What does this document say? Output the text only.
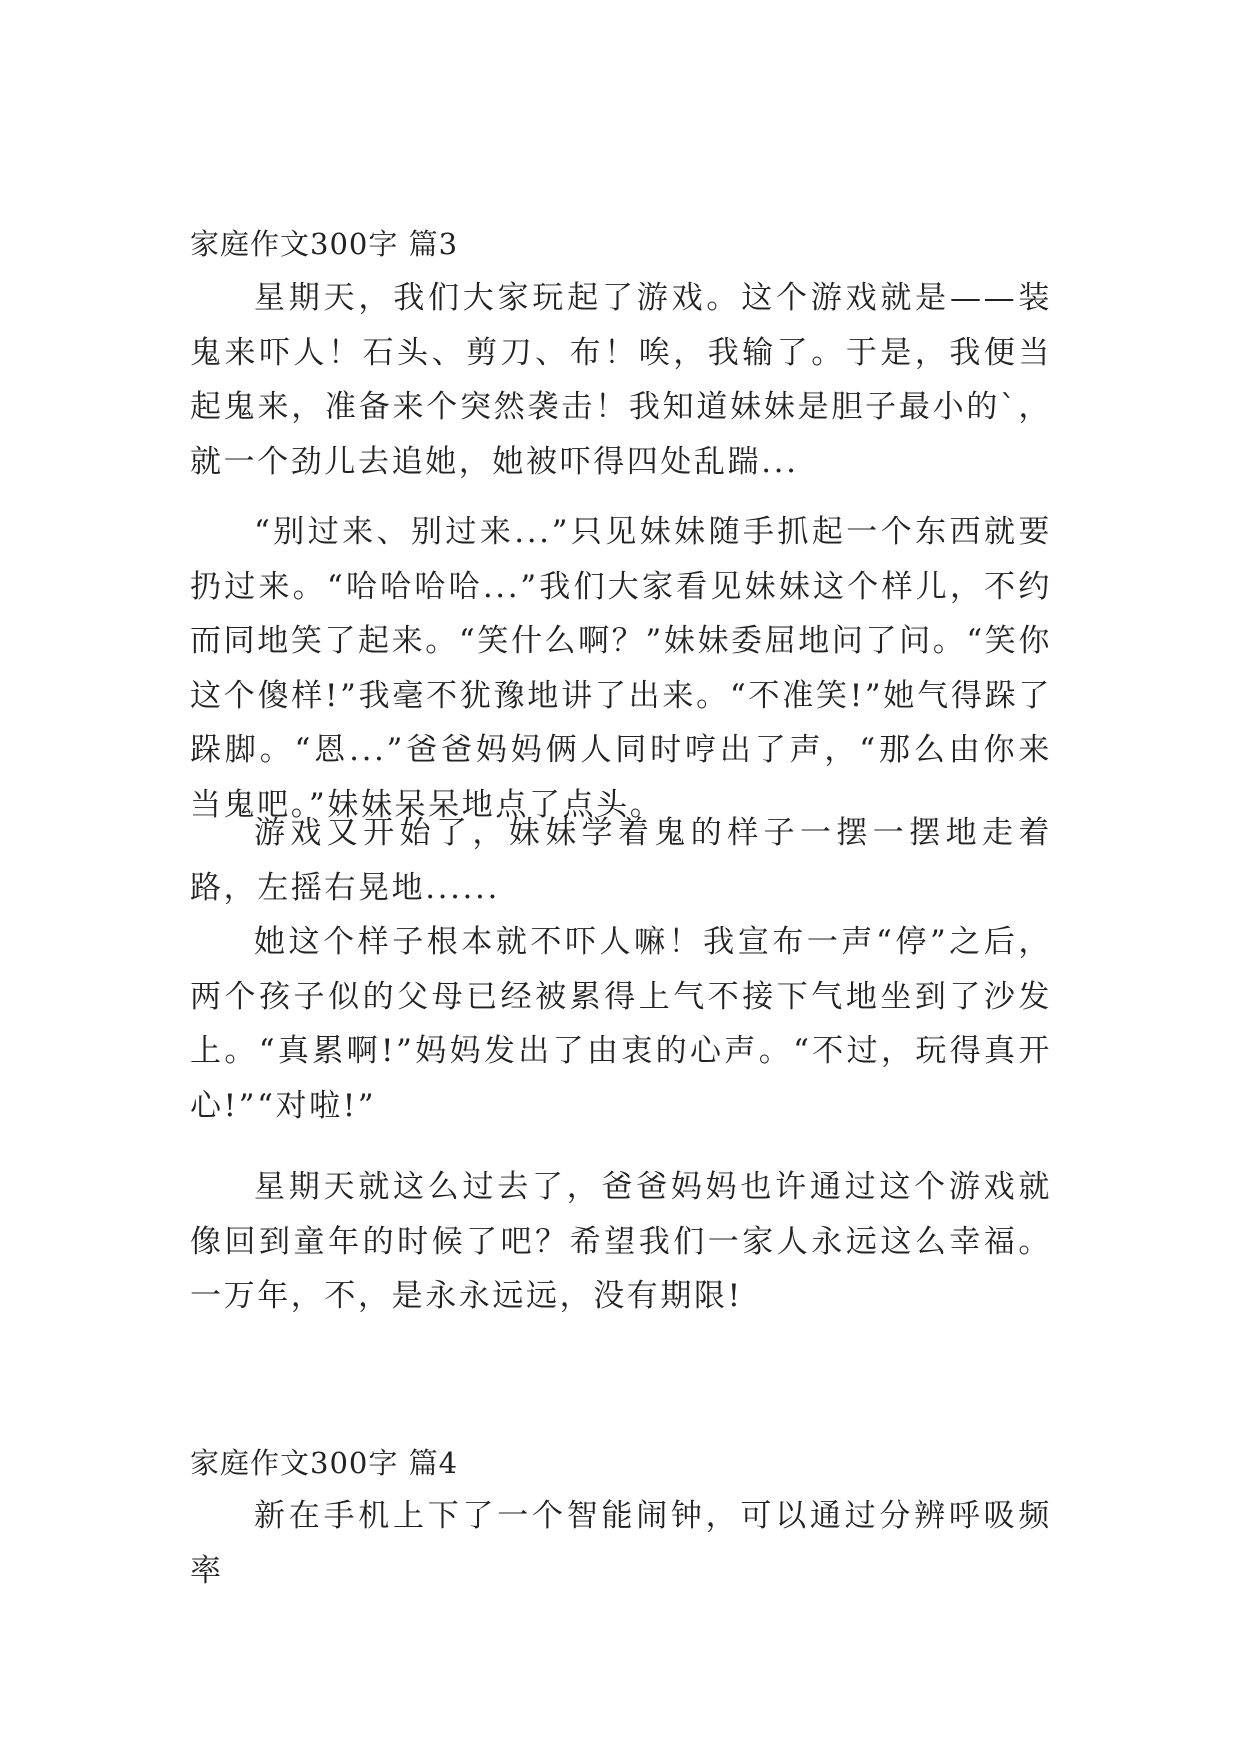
家庭作文300字 篇3

星期天，我们大家玩起了游戏。这个游戏就是——装鬼来吓人！石头、剪刀、布！唉，我输了。于是，我便当起鬼来，准备来个突然袭击！我知道妹妹是胆子最小的`，就一个劲儿去追她，她被吓得四处乱踹...

“别过来、别过来...”只见妹妹随手抓起一个东西就要扔过来。“哈哈哈哈...”我们大家看见妹妹这个样儿，不约而同地笑了起来。“笑什么啊？”妹妹委屈地问了问。“笑你这个傻样!”我毫不犹豫地讲了出来。“不准笑!”她气得跺了跺脚。“恩...”爸爸妈妈俩人同时哼出了声，“那么由你来当鬼吧。”妹妹呆呆地点了点头。

游戏又开始了，妹妹学着鬼的样子一摆一摆地走着路，左摇右晃地......

她这个样子根本就不吓人嘛！我宣布一声“停”之后，两个孩子似的父母已经被累得上气不接下气地坐到了沙发上。“真累啊!”妈妈发出了由衷的心声。“不过，玩得真开心!”“对啦!”

星期天就这么过去了，爸爸妈妈也许通过这个游戏就像回到童年的时候了吧？希望我们一家人永远这么幸福。一万年，不，是永永远远，没有期限!

家庭作文300字 篇4

新在手机上下了一个智能闹钟，可以通过分辨呼吸频率
